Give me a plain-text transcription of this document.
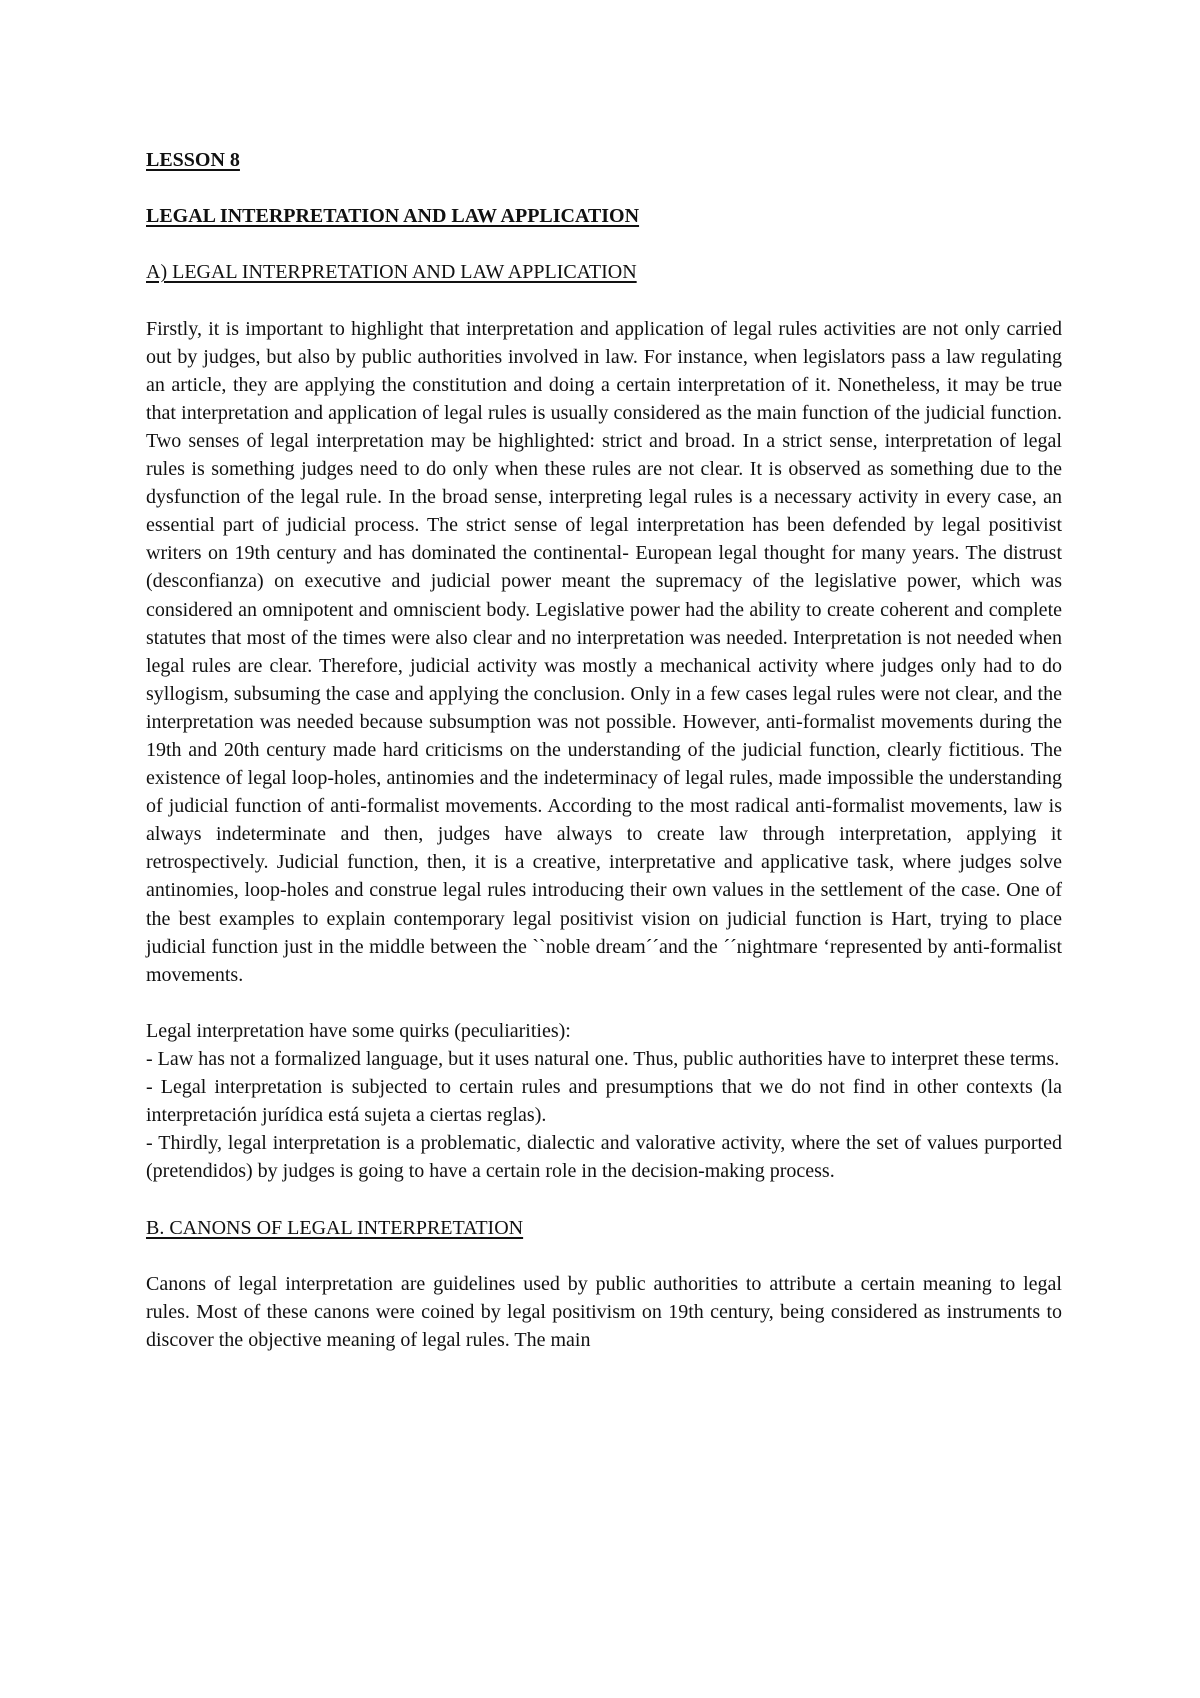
LESSON 8
LEGAL INTERPRETATION AND LAW APPLICATION
A) LEGAL INTERPRETATION AND LAW APPLICATION

Firstly, it is important to highlight that interpretation and application of legal rules activities are not only carried out by judges, but also by public authorities involved in law. For instance, when legislators pass a law regulating an article, they are applying the constitution and doing a certain interpretation of it. Nonetheless, it may be true that interpretation and application of legal rules is usually considered as the main function of the judicial function. Two senses of legal interpretation may be highlighted: strict and broad. In a strict sense, interpretation of legal rules is something judges need to do only when these rules are not clear. It is observed as something due to the dysfunction of the legal rule. In the broad sense, interpreting legal rules is a necessary activity in every case, an essential part of judicial process. The strict sense of legal interpretation has been defended by legal positivist writers on 19th century and has dominated the continental- European legal thought for many years. The distrust (desconfianza) on executive and judicial power meant the supremacy of the legislative power, which was considered an omnipotent and omniscient body. Legislative power had the ability to create coherent and complete statutes that most of the times were also clear and no interpretation was needed. Interpretation is not needed when legal rules are clear. Therefore, judicial activity was mostly a mechanical activity where judges only had to do syllogism, subsuming the case and applying the conclusion. Only in a few cases legal rules were not clear, and the interpretation was needed because subsumption was not possible. However, anti-formalist movements during the 19th and 20th century made hard criticisms on the understanding of the judicial function, clearly fictitious. The existence of legal loop-holes, antinomies and the indeterminacy of legal rules, made impossible the understanding of judicial function of anti-formalist movements. According to the most radical anti-formalist movements, law is always indeterminate and then, judges have always to create law through interpretation, applying it retrospectively. Judicial function, then, it is a creative, interpretative and applicative task, where judges solve antinomies, loop-holes and construe legal rules introducing their own values in the settlement of the case. One of the best examples to explain contemporary legal positivist vision on judicial function is Hart, trying to place judicial function just in the middle between the ``noble dream´´and the ´´nightmare ‘represented by anti-formalist movements.

Legal interpretation have some quirks (peculiarities):

- Law has not a formalized language, but it uses natural one. Thus, public authorities have to interpret these terms.

- Legal interpretation is subjected to certain rules and presumptions that we do not find in other contexts (la interpretación jurídica está sujeta a ciertas reglas).

- Thirdly, legal interpretation is a problematic, dialectic and valorative activity, where the set of values purported (pretendidos) by judges is going to have a certain role in the decision-making process.

B. CANONS OF LEGAL INTERPRETATION

Canons of legal interpretation are guidelines used by public authorities to attribute a certain meaning to legal rules. Most of these canons were coined by legal positivism on 19th century, being considered as instruments to discover the objective meaning of legal rules. The main
